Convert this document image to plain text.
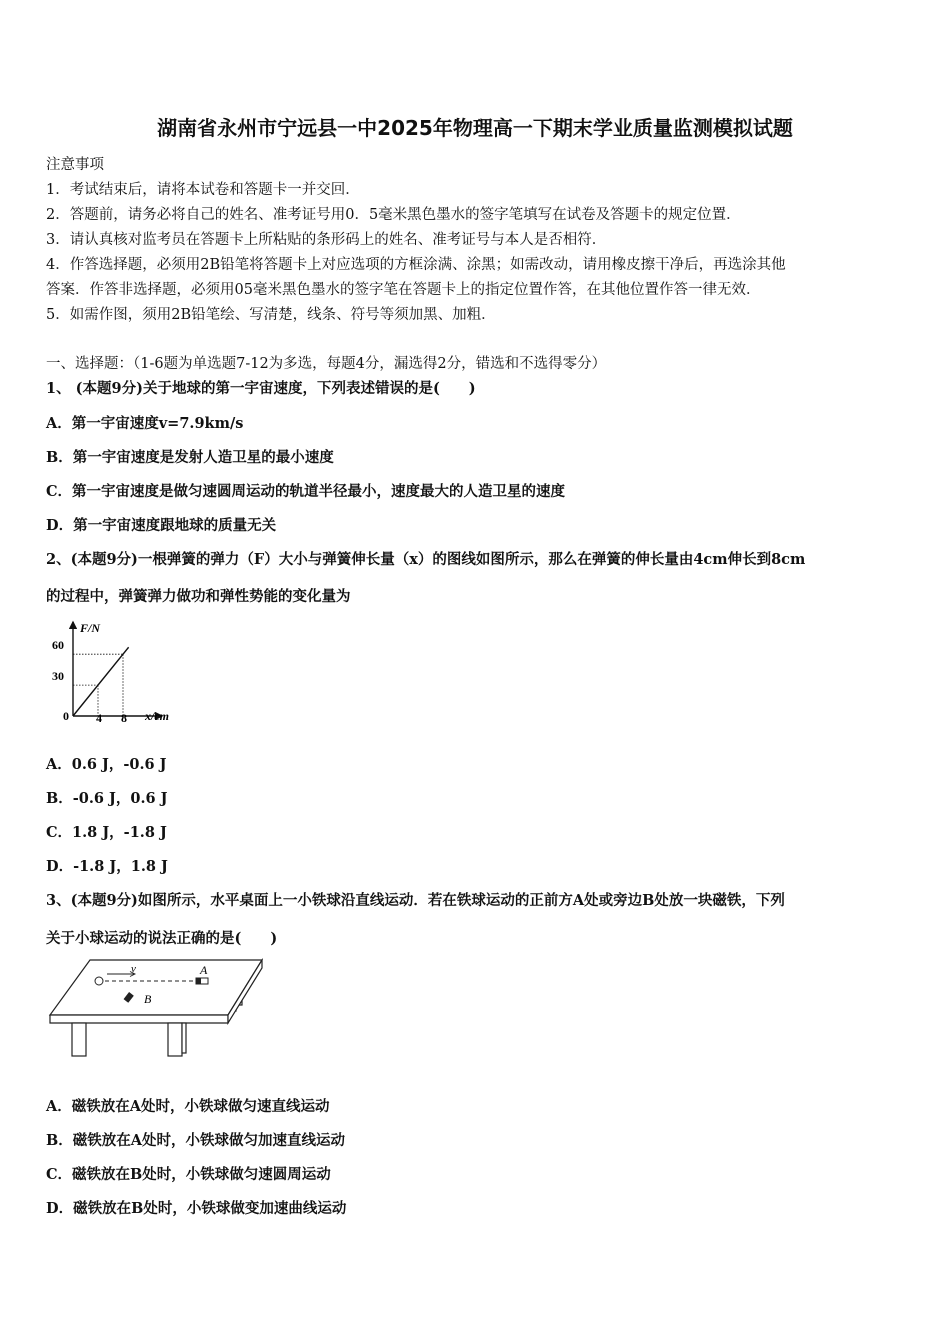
湖南省永州市宁远县一中2025年物理高一下期末学业质量监测模拟试题
注意事项
1．考试结束后，请将本试卷和答题卡一并交回．
2．答题前，请务必将自己的姓名、准考证号用0．5毫米黑色墨水的签字笔填写在试卷及答题卡的规定位置．
3．请认真核对监考员在答题卡上所粘贴的条形码上的姓名、准考证号与本人是否相符．
4．作答选择题，必须用2B铅笔将答题卡上对应选项的方框涂满、涂黑；如需改动，请用橡皮擦干净后，再选涂其他
答案．作答非选择题，必须用05毫米黑色墨水的签字笔在答题卡上的指定位置作答，在其他位置作答一律无效．
5．如需作图，须用2B铅笔绘、写清楚，线条、符号等须加黑、加粗．
一、选择题：（1-6题为单选题7-12为多选，每题4分，漏选得2分，错选和不选得零分）
1、 (本题9分)关于地球的第一宇宙速度，下列表述错误的是(　　)
A．第一宇宙速度v=7.9km/s
B．第一宇宙速度是发射人造卫星的最小速度
C．第一宇宙速度是做匀速圆周运动的轨道半径最小，速度最大的人造卫星的速度
D．第一宇宙速度跟地球的质量无关
2、(本题9分)一根弹簧的弹力（F）大小与弹簧伸长量（x）的图线如图所示，那么在弹簧的伸长量由4cm伸长到8cm
的过程中，弹簧弹力做功和弹性势能的变化量为
F/N
x/cm
0
30
60
4 8
A．0.6 J，-0.6 J
B．-0.6 J，0.6 J
C．1.8 J，-1.8 J
D．-1.8 J，1.8 J
3、(本题9分)如图所示，水平桌面上一小铁球沿直线运动．若在铁球运动的正前方A处或旁边B处放一块磁铁，下列
关于小球运动的说法正确的是(　　)
v	A
B
A．磁铁放在A处时，小铁球做匀速直线运动
B．磁铁放在A处时，小铁球做匀加速直线运动
C．磁铁放在B处时，小铁球做匀速圆周运动
D．磁铁放在B处时，小铁球做变加速曲线运动
